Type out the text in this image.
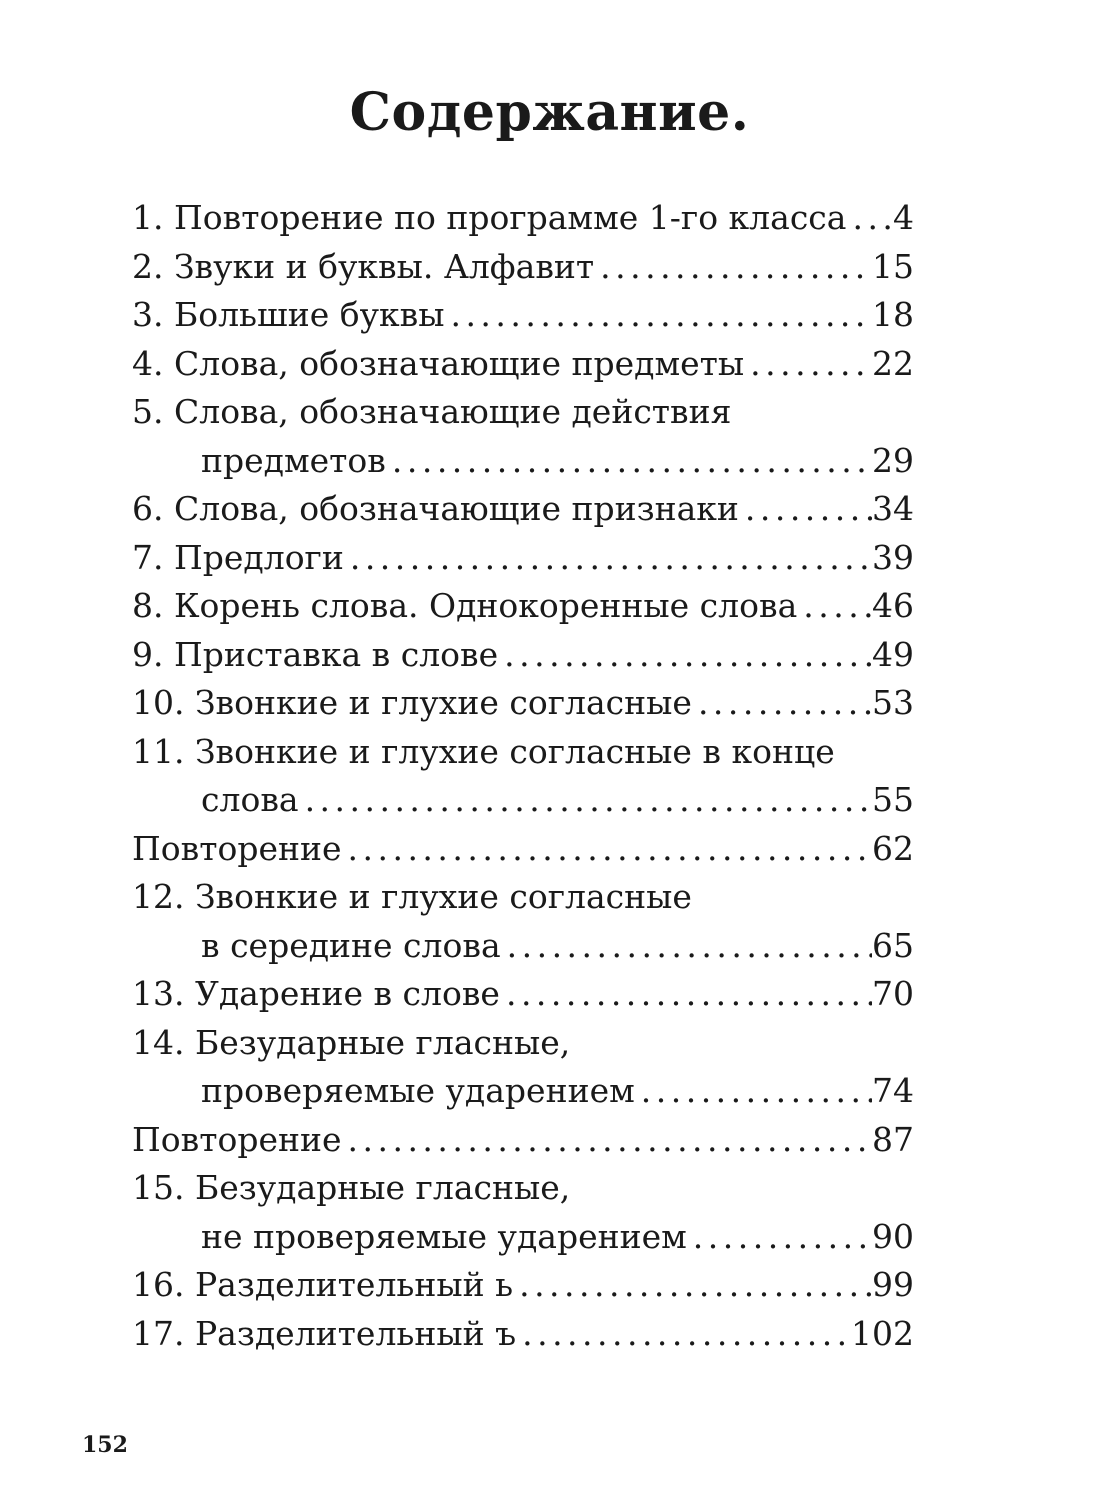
Содержание.
1. Повторение по программе 1-го класса . . . 4
2. Звуки и буквы. Алфавит . . .	15
3. Большие буквы . . .	18
4. Слова, обозначающие предметы . . .	22
5. Слова, обозначающие действия
предметов . . .	29
6. Слова, обозначающие признаки . . .	34
7. Предлоги . . .	39
8. Корень слова. Однокоренные слова . . . 46
9. Приставка в слове . . .	49
10. Звонкие и глухие согласные . . .	53
11. Звонкие и глухие согласные в конце
слова . . .	55
Повторение . . .	62
12. Звонкие и глухие согласные
в середине слова . . .	65
13. Ударение в слове . . .	70
14. Безударные гласные,
проверяемые ударением . . .	74
Повторение . . .	87
15. Безударные гласные,
не проверяемые ударением . . .	90
16. Разделительный ь . . .	99
17. Разделительный ъ . . .	102
152
